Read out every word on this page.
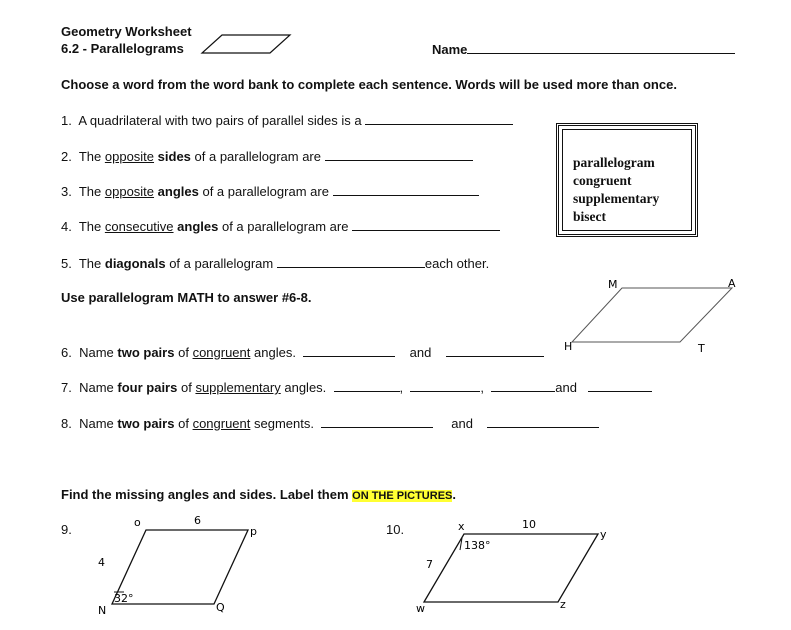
Geometry Worksheet
6.2 - Parallelograms	Name
Choose a word from the word bank to complete each sentence. Words will be used more than once.
parallelogram
congruent
supplementary
bisect
1. A quadrilateral with two pairs of parallel sides is a
2. The opposite sides of a parallelogram are
3. The opposite angles of a parallelogram are
4. The consecutive angles of a parallelogram are
5. The diagonals of a parallelogram	each other.
Use parallelogram MATH to answer #6-8.
M	A
H	T
6. Name two pairs of congruent angles.	and
7. Name four pairs of supplementary angles.	,	,	and
8. Name two pairs of congruent segments.	and
Find the missing angles and sides. Label them ON THE PICTURES.
9.	o
p
N	Q
6
4
32°
10.	x
y
w	z
10
7
138°
